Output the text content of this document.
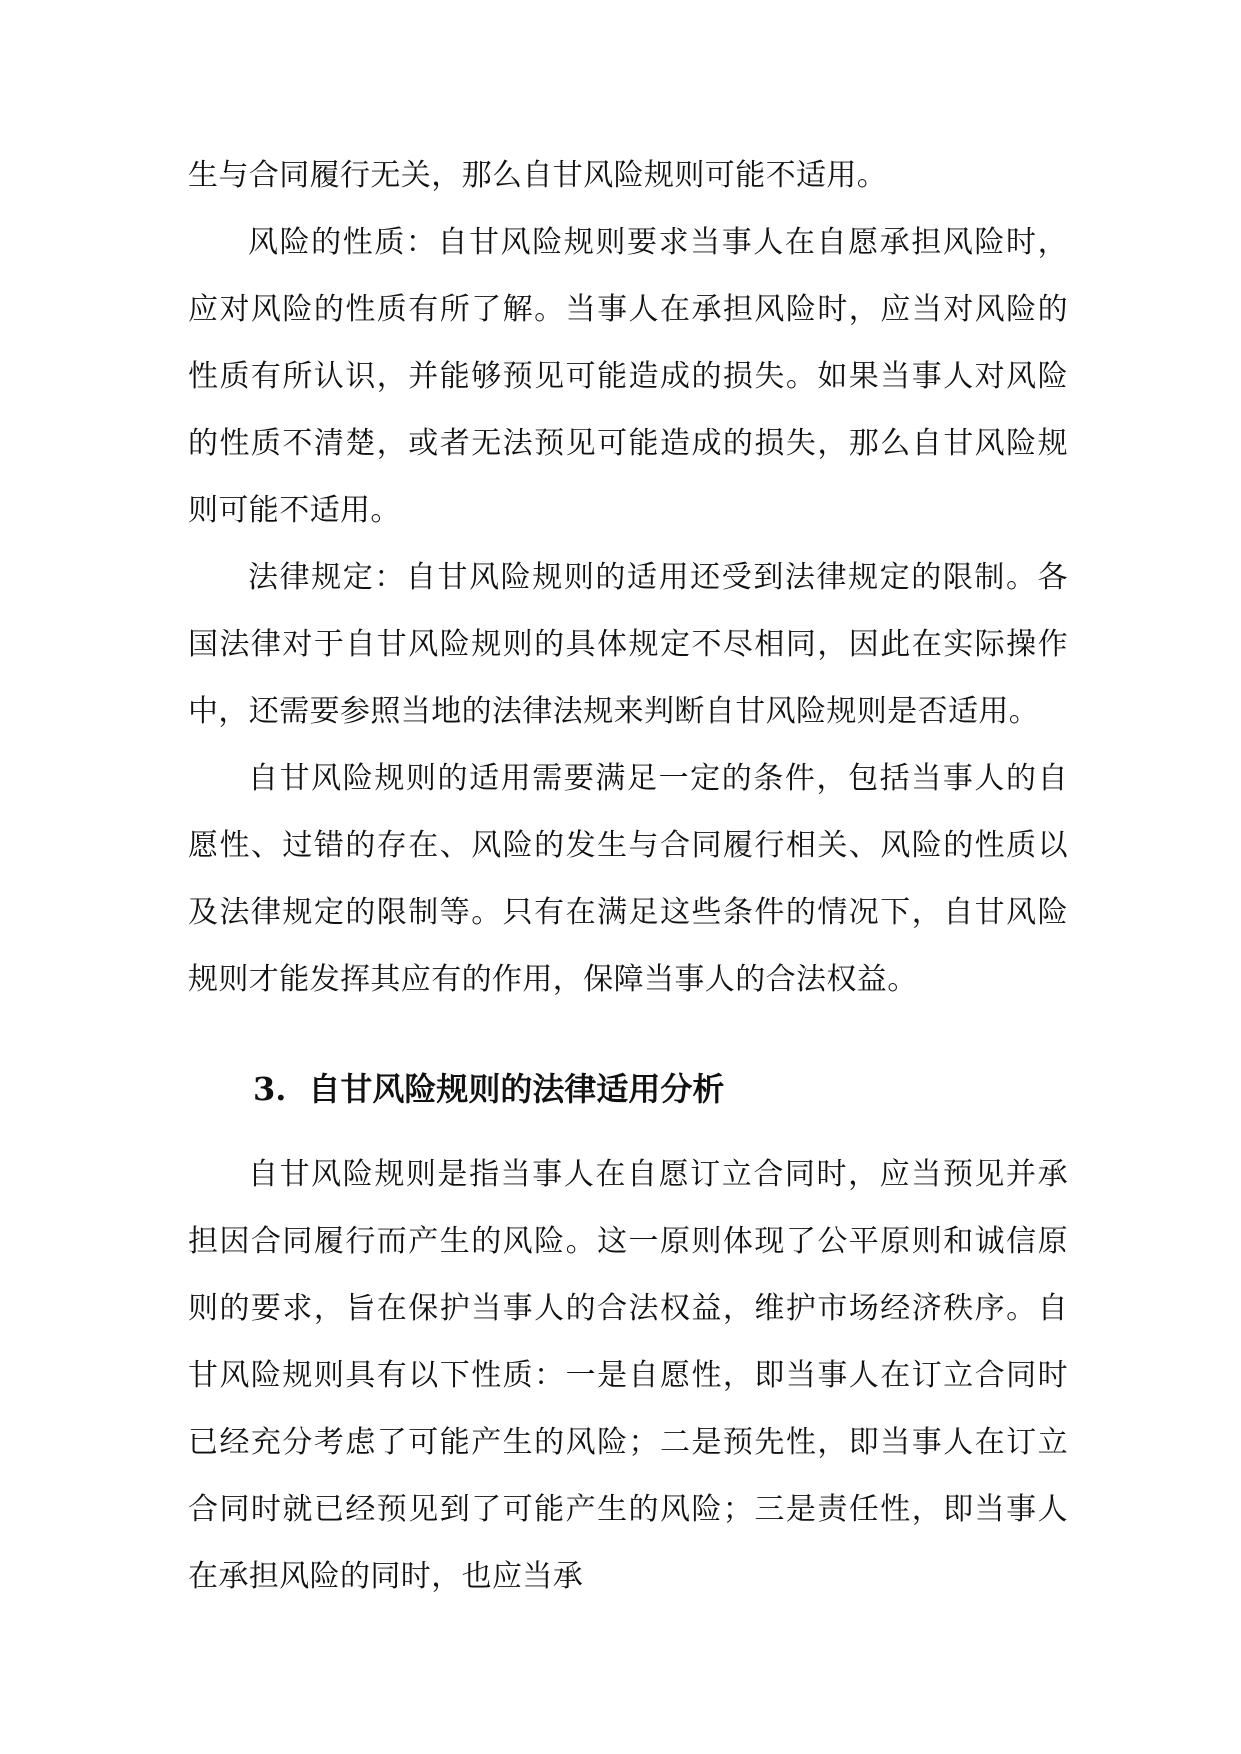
生与合同履行无关，那么自甘风险规则可能不适用。

风险的性质：自甘风险规则要求当事人在自愿承担风险时，应对风险的性质有所了解。当事人在承担风险时，应当对风险的性质有所认识，并能够预见可能造成的损失。如果当事人对风险的性质不清楚，或者无法预见可能造成的损失，那么自甘风险规则可能不适用。

法律规定：自甘风险规则的适用还受到法律规定的限制。各国法律对于自甘风险规则的具体规定不尽相同，因此在实际操作中，还需要参照当地的法律法规来判断自甘风险规则是否适用。

自甘风险规则的适用需要满足一定的条件，包括当事人的自愿性、过错的存在、风险的发生与合同履行相关、风险的性质以及法律规定的限制等。只有在满足这些条件的情况下，自甘风险规则才能发挥其应有的作用，保障当事人的合法权益。

3. 自甘风险规则的法律适用分析

自甘风险规则是指当事人在自愿订立合同时，应当预见并承担因合同履行而产生的风险。这一原则体现了公平原则和诚信原则的要求，旨在保护当事人的合法权益，维护市场经济秩序。自甘风险规则具有以下性质：一是自愿性，即当事人在订立合同时已经充分考虑了可能产生的风险；二是预先性，即当事人在订立合同时就已经预见到了可能产生的风险；三是责任性，即当事人在承担风险的同时，也应当承
